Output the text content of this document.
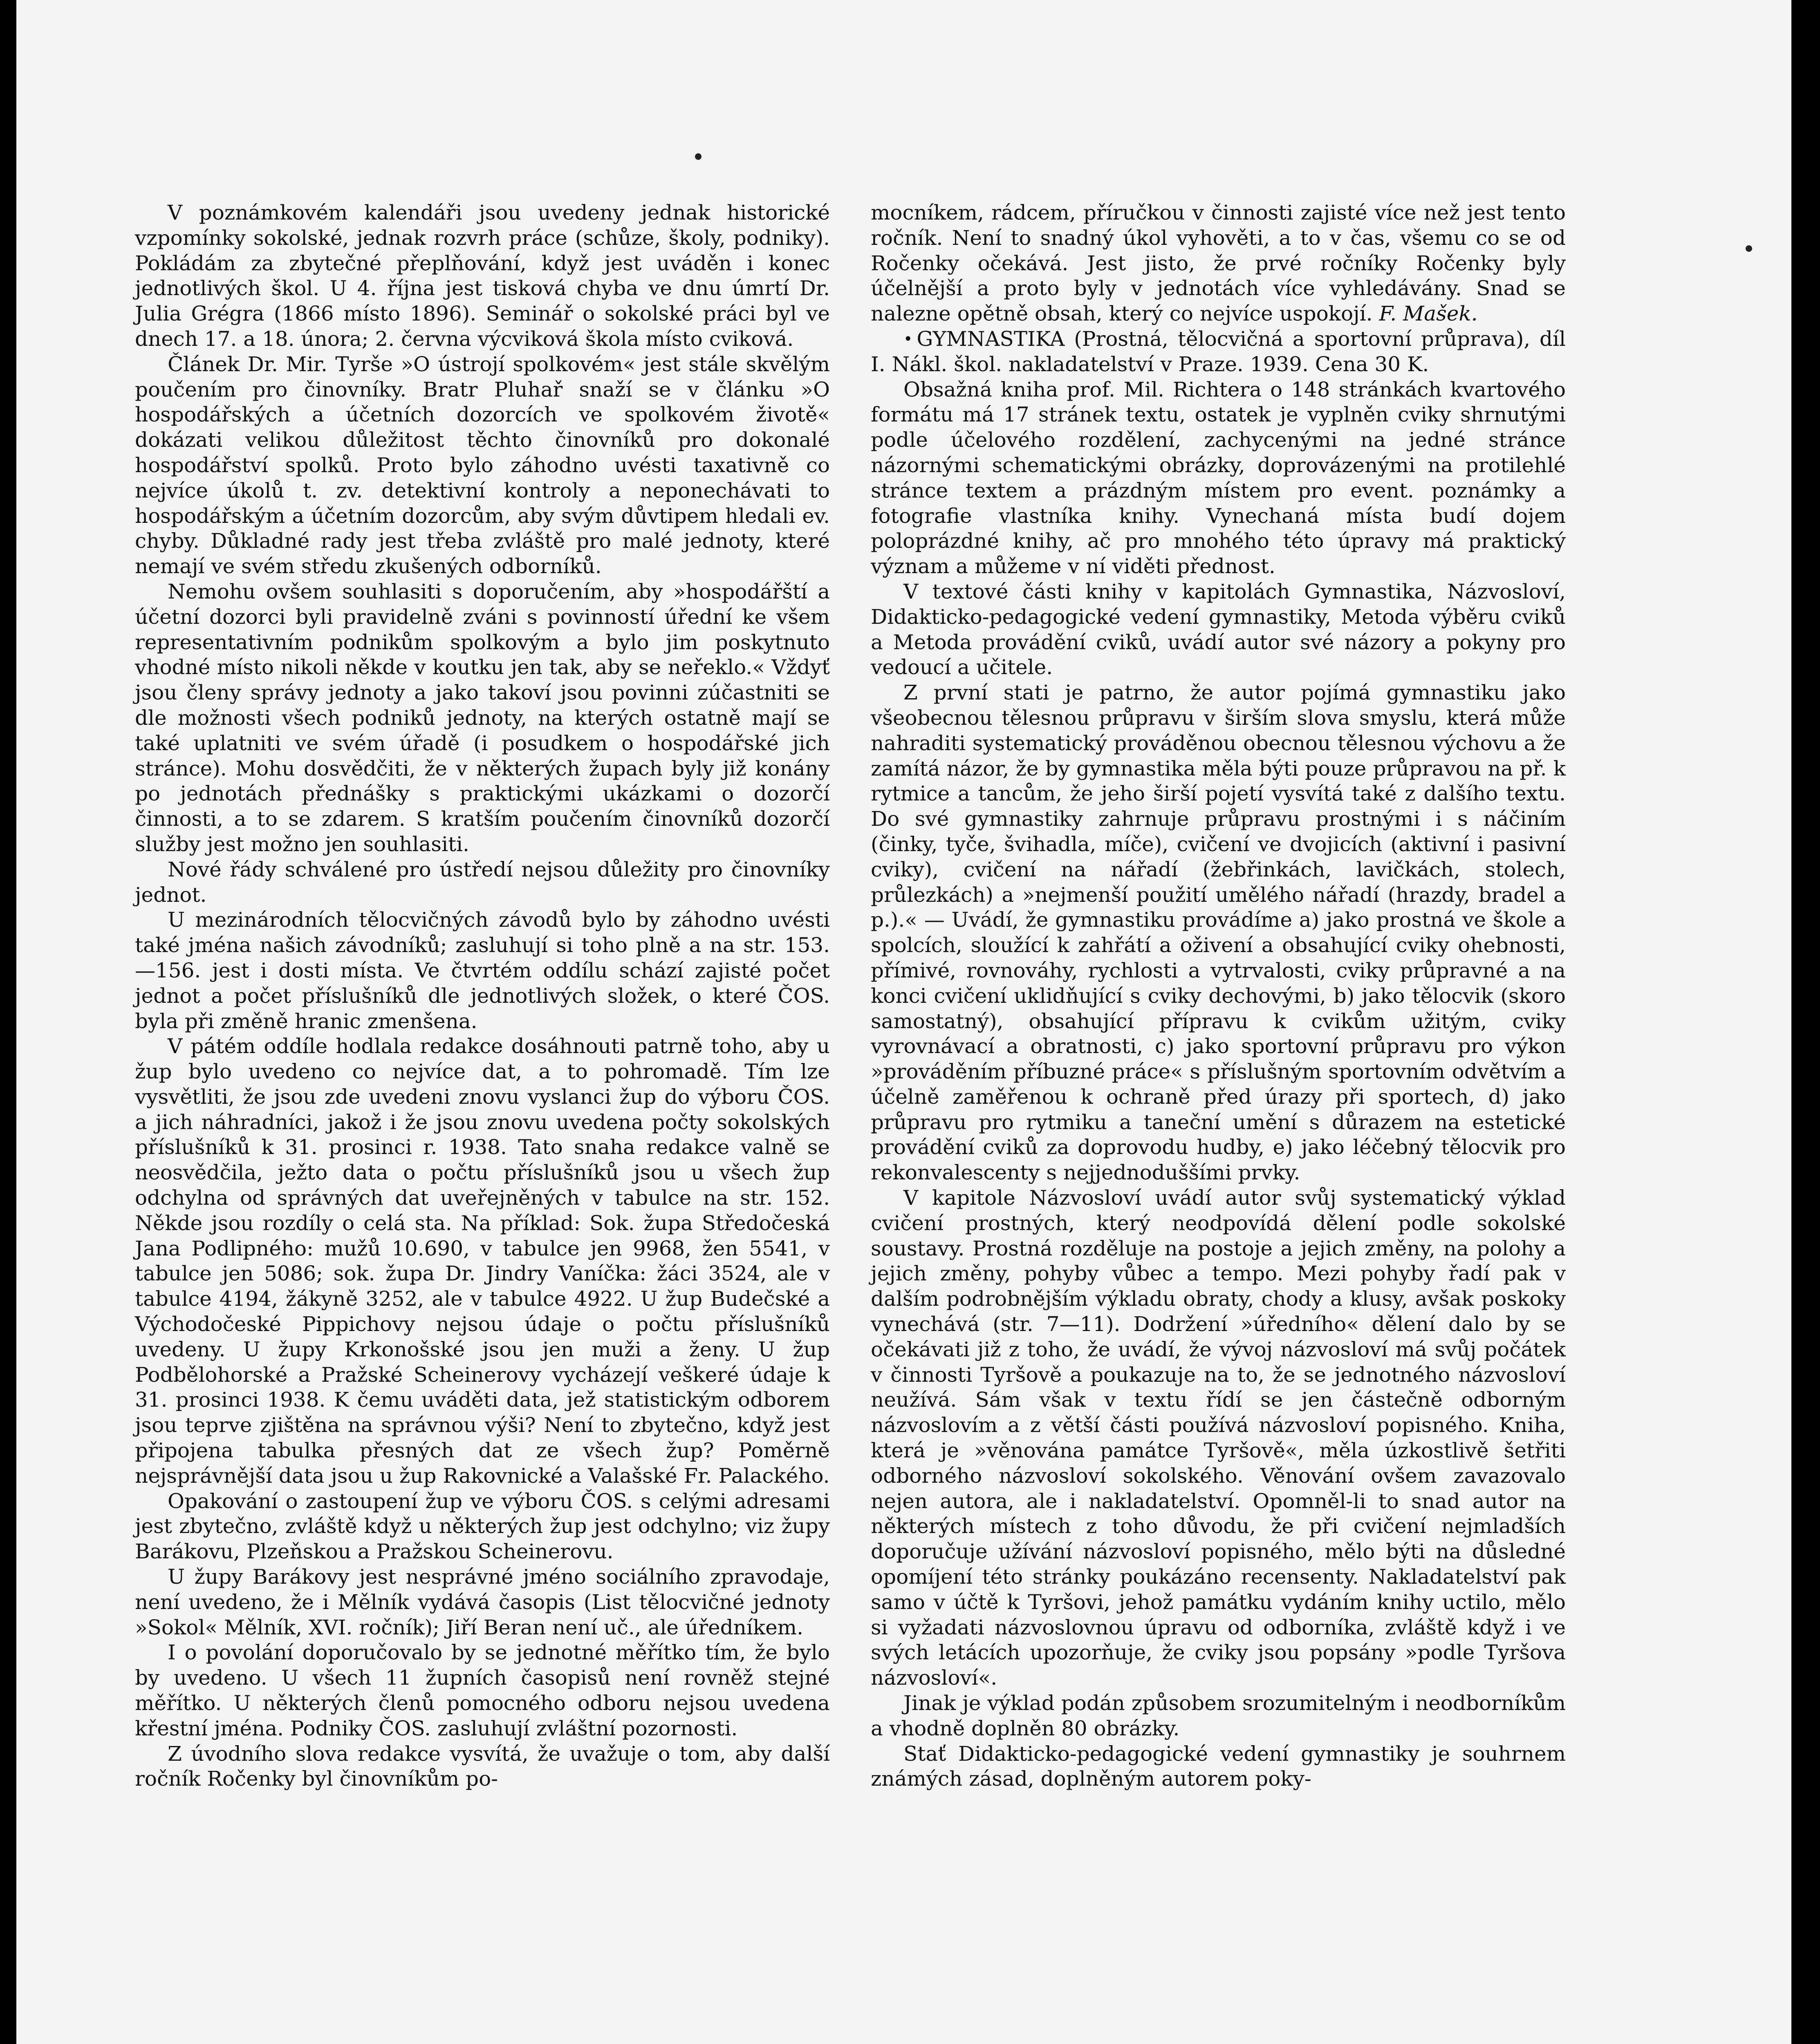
V poznámkovém kalendáři jsou uvedeny jednak historické vzpomínky sokolské, jednak rozvrh práce (schůze, školy, podniky). Pokládám za zbytečné přeplňování, když jest uváděn i konec jednotlivých škol. U 4. října jest tisková chyba ve dnu úmrtí Dr. Julia Grégra (1866 místo 1896). Seminář o sokolské práci byl ve dnech 17. a 18. února; 2. června výcviková škola místo cviková.

Článek Dr. Mir. Tyrše »O ústrojí spolkovém« jest stále skvělým poučením pro činovníky. Bratr Pluhař snaží se v článku »O hospodářských a účetních dozorcích ve spolkovém životě« dokázati velikou důležitost těchto činovníků pro dokonalé hospodářství spolků. Proto bylo záhodno uvésti taxativně co nejvíce úkolů t. zv. detektivní kontroly a neponechávati to hospodářským a účetním dozorcům, aby svým důvtipem hledali ev. chyby. Důkladné rady jest třeba zvláště pro malé jednoty, které nemají ve svém středu zkušených odborníků.

Nemohu ovšem souhlasiti s doporučením, aby »hospodářští a účetní dozorci byli pravidelně zváni s povinností úřední ke všem representativním podnikům spolkovým a bylo jim poskytnuto vhodné místo nikoli někde v koutku jen tak, aby se neřeklo.« Vždyť jsou členy správy jednoty a jako takoví jsou povinni zúčastniti se dle možnosti všech podniků jednoty, na kterých ostatně mají se také uplatniti ve svém úřadě (i posudkem o hospodářské jich stránce). Mohu dosvědčiti, že v některých župach byly již konány po jednotách přednášky s praktickými ukázkami o dozorčí činnosti, a to se zdarem. S kratším poučením činovníků dozorčí služby jest možno jen souhlasiti.

Nové řády schválené pro ústředí nejsou důležity pro činovníky jednot.

U mezinárodních tělocvičných závodů bylo by záhodno uvésti také jména našich závodníků; zasluhují si toho plně a na str. 153.—156. jest i dosti místa. Ve čtvrtém oddílu schází zajisté počet jednot a počet příslušníků dle jednotlivých složek, o které ČOS. byla při změně hranic zmenšena.

V pátém oddíle hodlala redakce dosáhnouti patrně toho, aby u žup bylo uvedeno co nejvíce dat, a to pohromadě. Tím lze vysvětliti, že jsou zde uvedeni znovu vyslanci žup do výboru ČOS. a jich náhradníci, jakož i že jsou znovu uvedena počty sokolských příslušníků k 31. prosinci r. 1938. Tato snaha redakce valně se neosvědčila, ježto data o počtu příslušníků jsou u všech žup odchylna od správných dat uveřejněných v tabulce na str. 152. Někde jsou rozdíly o celá sta. Na příklad: Sok. župa Středočeská Jana Podlipného: mužů 10.690, v tabulce jen 9968, žen 5541, v tabulce jen 5086; sok. župa Dr. Jindry Vaníčka: žáci 3524, ale v tabulce 4194, žákyně 3252, ale v tabulce 4922. U žup Budečské a Východočeské Pippichovy nejsou údaje o počtu příslušníků uvedeny. U župy Krkonošské jsou jen muži a ženy. U žup Podbělohorské a Pražské Scheinerovy vycházejí veškeré údaje k 31. prosinci 1938. K čemu uváděti data, jež statistickým odborem jsou teprve zjištěna na správnou výši? Není to zbytečno, když jest připojena tabulka přesných dat ze všech žup? Poměrně nejsprávnější data jsou u žup Rakovnické a Valašské Fr. Palackého.

Opakování o zastoupení žup ve výboru ČOS. s celými adresami jest zbytečno, zvláště když u některých žup jest odchylno; viz župy Barákovu, Plzeňskou a Pražskou Scheinerovu.

U župy Barákovy jest nesprávné jméno sociálního zpravodaje, není uvedeno, že i Mělník vydává časopis (List tělocvičné jednoty »Sokol« Mělník, XVI. ročník); Jiří Beran není uč., ale úředníkem.

I o povolání doporučovalo by se jednotné měřítko tím, že bylo by uvedeno. U všech 11 župních časopisů není rovněž stejné měřítko. U některých členů pomocného odboru nejsou uvedena křestní jména. Podniky ČOS. zasluhují zvláštní pozornosti.

Z úvodního slova redakce vysvítá, že uvažuje o tom, aby další ročník Ročenky byl činovníkům po-

mocníkem, rádcem, příručkou v činnosti zajisté více než jest tento ročník. Není to snadný úkol vyhověti, a to v čas, všemu co se od Ročenky očekává. Jest jisto, že prvé ročníky Ročenky byly účelnější a proto byly v jednotách více vyhledávány. Snad se nalezne opětně obsah, který co nejvíce uspokojí. F. Mašek.

• GYMNASTIKA (Prostná, tělocvičná a sportovní průprava), díl I. Nákl. škol. nakladatelství v Praze. 1939. Cena 30 K.

Obsažná kniha prof. Mil. Richtera o 148 stránkách kvartového formátu má 17 stránek textu, ostatek je vyplněn cviky shrnutými podle účelového rozdělení, zachycenými na jedné stránce názornými schematickými obrázky, doprovázenými na protilehlé stránce textem a prázdným místem pro event. poznámky a fotografie vlastníka knihy. Vynechaná místa budí dojem poloprázdné knihy, ač pro mnohého této úpravy má praktický význam a můžeme v ní viděti přednost.

V textové části knihy v kapitolách Gymnastika, Názvosloví, Didakticko-pedagogické vedení gymnastiky, Metoda výběru cviků a Metoda provádění cviků, uvádí autor své názory a pokyny pro vedoucí a učitele.

Z první stati je patrno, že autor pojímá gymnastiku jako všeobecnou tělesnou průpravu v širším slova smyslu, která může nahraditi systematický prováděnou obecnou tělesnou výchovu a že zamítá názor, že by gymnastika měla býti pouze průpravou na př. k rytmice a tancům, že jeho širší pojetí vysvítá také z dalšího textu. Do své gymnastiky zahrnuje průpravu prostnými i s náčiním (činky, tyče, švihadla, míče), cvičení ve dvojicích (aktivní i pasivní cviky), cvičení na nářadí (žebřinkách, lavičkách, stolech, průlezkách) a »nejmenší použití umělého nářadí (hrazdy, bradel a p.).« — Uvádí, že gymnastiku provádíme a) jako prostná ve škole a spolcích, sloužící k zahřátí a oživení a obsahující cviky ohebnosti, přímivé, rovnováhy, rychlosti a vytrvalosti, cviky průpravné a na konci cvičení uklidňující s cviky dechovými, b) jako tělocvik (skoro samostatný), obsahující přípravu k cvikům užitým, cviky vyrovnávací a obratnosti, c) jako sportovní průpravu pro výkon »prováděním příbuzné práce« s příslušným sportovním odvětvím a účelně zaměřenou k ochraně před úrazy při sportech, d) jako průpravu pro rytmiku a taneční umění s důrazem na estetické provádění cviků za doprovodu hudby, e) jako léčebný tělocvik pro rekonvalescenty s nejjednoduššími prvky.

V kapitole Názvosloví uvádí autor svůj systematický výklad cvičení prostných, který neodpovídá dělení podle sokolské soustavy. Prostná rozděluje na postoje a jejich změny, na polohy a jejich změny, pohyby vůbec a tempo. Mezi pohyby řadí pak v dalším podrobnějším výkladu obraty, chody a klusy, avšak poskoky vynechává (str. 7—11). Dodržení »úředního« dělení dalo by se očekávati již z toho, že uvádí, že vývoj názvosloví má svůj počátek v činnosti Tyršově a poukazuje na to, že se jednotného názvosloví neužívá. Sám však v textu řídí se jen částečně odborným názvoslovím a z větší části používá názvosloví popisného. Kniha, která je »věnována památce Tyršově«, měla úzkostlivě šetřiti odborného názvosloví sokolského. Věnování ovšem zavazovalo nejen autora, ale i nakladatelství. Opomněl-li to snad autor na některých místech z toho důvodu, že při cvičení nejmladších doporučuje užívání názvosloví popisného, mělo býti na důsledné opomíjení této stránky poukázáno recensenty. Nakladatelství pak samo v účtě k Tyršovi, jehož památku vydáním knihy uctilo, mělo si vyžadati názvoslovnou úpravu od odborníka, zvláště když i ve svých letácích upozorňuje, že cviky jsou popsány »podle Tyršova názvosloví«.

Jinak je výklad podán způsobem srozumitelným i neodborníkům a vhodně doplněn 80 obrázky.

Stať Didakticko-pedagogické vedení gymnastiky je souhrnem známých zásad, doplněným autorem poky-
